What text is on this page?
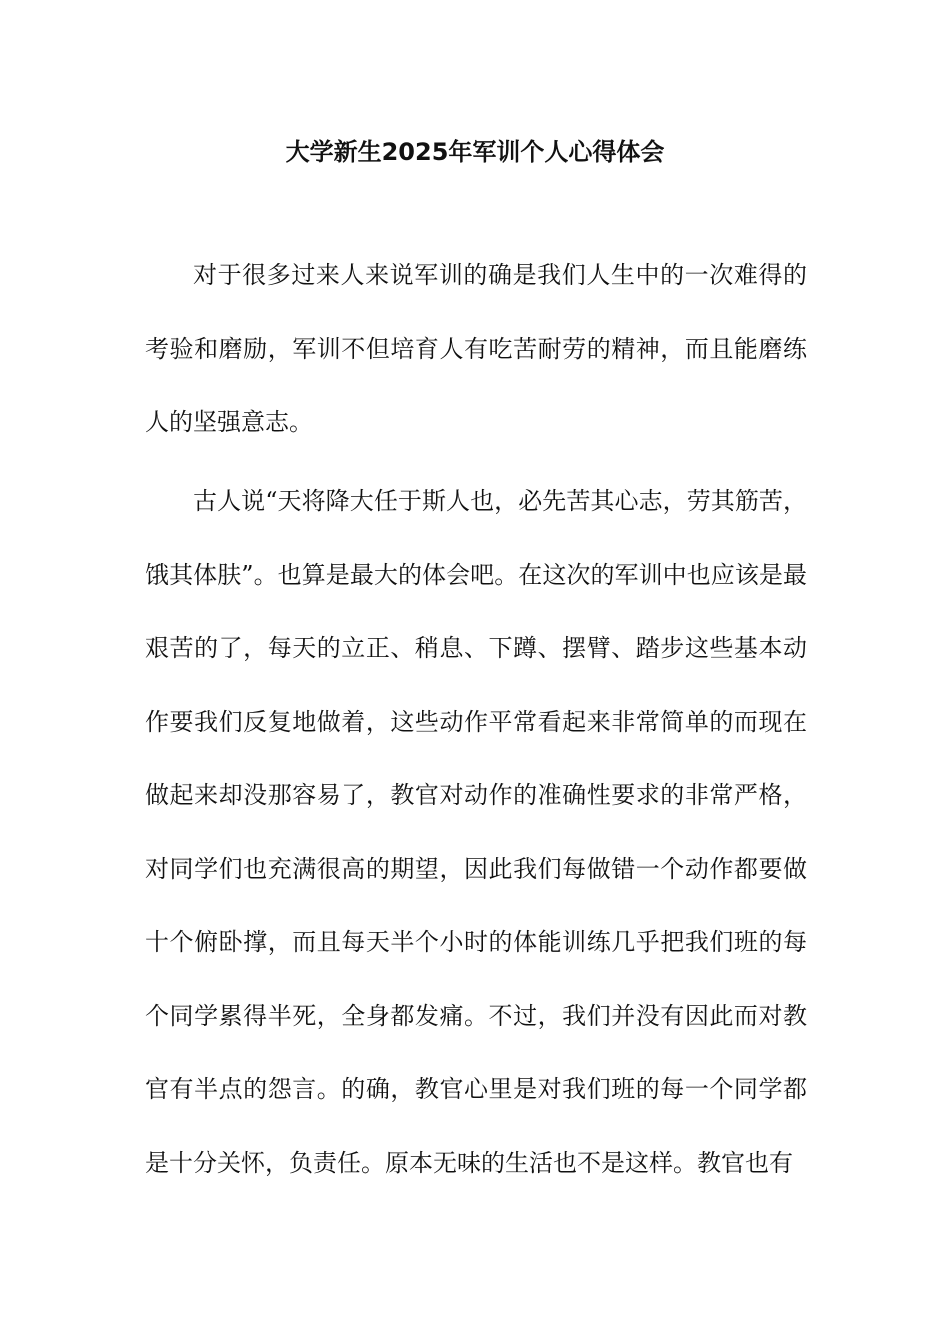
大学新生2025年军训个人心得体会

对于很多过来人来说军训的确是我们人生中的一次难得的考验和磨励，军训不但培育人有吃苦耐劳的精神，而且能磨练人的坚强意志。

古人说“天将降大任于斯人也，必先苦其心志，劳其筋苦，饿其体肤”。也算是最大的体会吧。在这次的军训中也应该是最艰苦的了，每天的立正、稍息、下蹲、摆臂、踏步这些基本动作要我们反复地做着，这些动作平常看起来非常简单的而现在做起来却没那容易了，教官对动作的准确性要求的非常严格，对同学们也充满很高的期望，因此我们每做错一个动作都要做十个俯卧撑，而且每天半个小时的体能训练几乎把我们班的每个同学累得半死，全身都发痛。不过，我们并没有因此而对教官有半点的怨言。的确，教官心里是对我们班的每一个同学都是十分关怀，负责任。原本无味的生活也不是这样。教官也有
